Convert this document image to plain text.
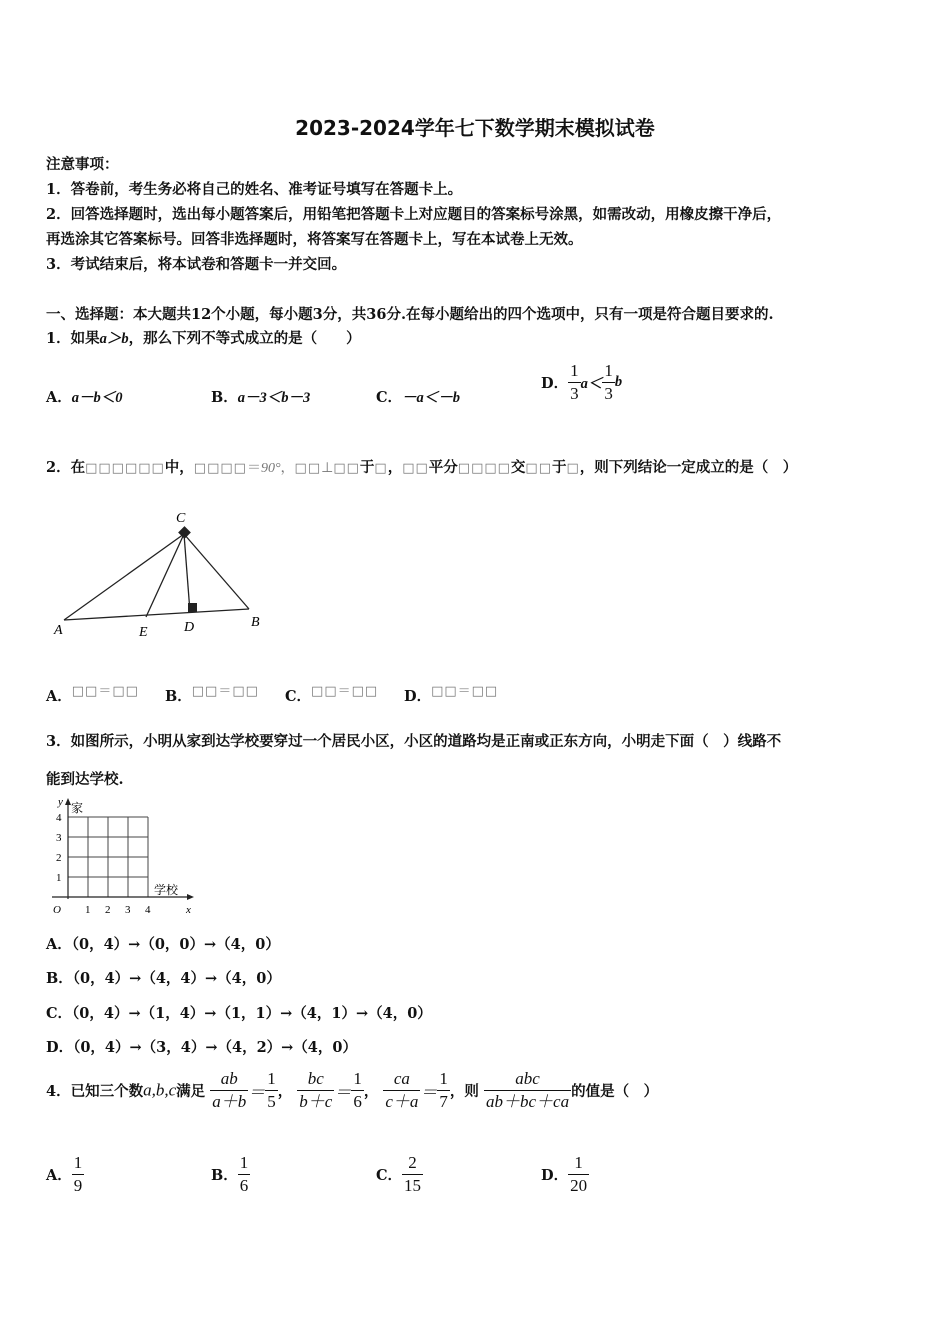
2023-2024学年七下数学期末模拟试卷
注意事项：
1．答卷前，考生务必将自己的姓名、准考证号填写在答题卡上。
2．回答选择题时，选出每小题答案后，用铅笔把答题卡上对应题目的答案标号涂黑，如需改动，用橡皮擦干净后，
再选涂其它答案标号。回答非选择题时，将答案写在答题卡上，写在本试卷上无效。
3．考试结束后，将本试卷和答题卡一并交回。
一、选择题：本大题共12个小题，每小题3分，共36分.在每小题给出的四个选项中，只有一项是符合题目要求的.
1．如果a＞b，那么下列不等式成立的是（　　）
A．a－b＜0	B．a－3＜b－3	C．－a＜－b
D． $\frac{1}{3} a< \frac{1}{3}$ b
2．在□□□□□□中，□□□□＝90°，□□⊥□□于□，□□平分□□□□交□□于□，则下列结论一定成立的是（　）
C
A	E	D	B
A．□□＝□□ B．□□＝□□ C．□□＝□□ D．□□＝□□
3．如图所示，小明从家到达学校要穿过一个居民小区，小区的道路均是正南或正东方向，小明走下面（　）线路不
能到达学校.
y
x
O 1 2 3 4
1
2
3
4
家
学校
A．（0，4）→（0，0）→（4，0）
B．（0，4）→（4，4）→（4，0）
C．（0，4）→（1，4）→（1，1）→（4，1）→（4，0）
D．（0，4）→（3，4）→（4，2）→（4，0）
4．已知三个数a,b,c满足 $\frac{ab}{a+b} = \frac{1}{5}$ ， $\frac{bc}{b+c} = \frac{1}{6}$ ， $\frac{ca}{c+a} = \frac{1}{7}$ ，则 $\frac{\text{abc}}{ab+bc+ca}$ 的值是（　）
A． $\frac{1}{9}$	B． $\frac{1}{6}$	C． $\frac{2}{15}$	D． $\frac{1}{20}$
